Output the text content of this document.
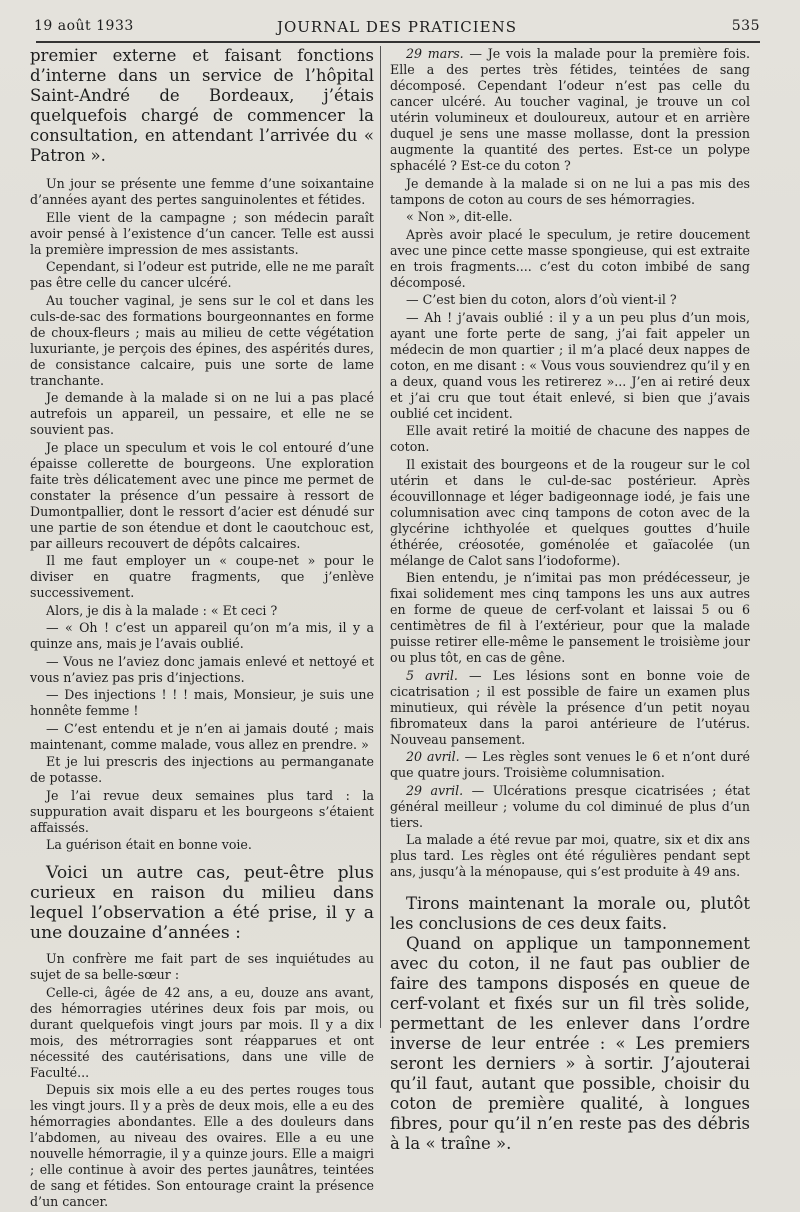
19 août 1933	JOURNAL DES PRATICIENS	535

premier externe et faisant fonctions d’interne dans un service de l’hôpital Saint-André de Bordeaux, j’étais quelquefois chargé de commencer la consultation, en attendant l’arrivée du « Patron ».

Un jour se présente une femme d’une soixantaine d’années ayant des pertes sanguinolentes et fétides.

Elle vient de la campagne ; son médecin paraît avoir pensé à l’existence d’un cancer. Telle est aussi la première impression de mes assistants.

Cependant, si l’odeur est putride, elle ne me paraît pas être celle du cancer ulcéré.

Au toucher vaginal, je sens sur le col et dans les culs-de-sac des formations bourgeonnantes en forme de choux-fleurs ; mais au milieu de cette végétation luxuriante, je perçois des épines, des aspérités dures, de consistance calcaire, puis une sorte de lame tranchante.

Je demande à la malade si on ne lui a pas placé autrefois un appareil, un pessaire, et elle ne se souvient pas.

Je place un speculum et vois le col entouré d’une épaisse collerette de bourgeons. Une exploration faite très délicatement avec une pince me permet de constater la présence d’un pessaire à ressort de Dumontpallier, dont le ressort d’acier est dénudé sur une partie de son étendue et dont le caoutchouc est, par ailleurs recouvert de dépôts calcaires.

Il me faut employer un « coupe-net » pour le diviser en quatre fragments, que j’enlève successivement.

Alors, je dis à la malade : « Et ceci ?

— « Oh ! c’est un appareil qu’on m’a mis, il y a quinze ans, mais je l’avais oublié.

— Vous ne l’aviez donc jamais enlevé et nettoyé et vous n’aviez pas pris d’injections.

— Des injections ! ! ! mais, Monsieur, je suis une honnête femme !

— C’est entendu et je n’en ai jamais douté ; mais maintenant, comme malade, vous allez en prendre. »

Et je lui prescris des injections au permanganate de potasse.

Je l’ai revue deux semaines plus tard : la suppuration avait disparu et les bourgeons s’étaient affaissés.

La guérison était en bonne voie.

Voici un autre cas, peut-être plus curieux en raison du milieu dans lequel l’observation a été prise, il y a une douzaine d’années :

Un confrère me fait part de ses inquiétudes au sujet de sa belle-sœur :

Celle-ci, âgée de 42 ans, a eu, douze ans avant, des hémorragies utérines deux fois par mois, ou durant quelquefois vingt jours par mois. Il y a dix mois, des métrorragies sont réapparues et ont nécessité des cautérisations, dans une ville de Faculté...

Depuis six mois elle a eu des pertes rouges tous les vingt jours. Il y a près de deux mois, elle a eu des hémorragies abondantes. Elle a des douleurs dans l’abdomen, au niveau des ovaires. Elle a eu une nouvelle hémorragie, il y a quinze jours. Elle a maigri ; elle continue à avoir des pertes jaunâtres, teintées de sang et fétides. Son entourage craint la présence d’un cancer.

29 mars. — Je vois la malade pour la première fois. Elle a des pertes très fétides, teintées de sang décomposé. Cependant l’odeur n’est pas celle du cancer ulcéré. Au toucher vaginal, je trouve un col utérin volumineux et douloureux, autour et en arrière duquel je sens une masse mollasse, dont la pression augmente la quantité des pertes. Est-ce un polype sphacélé ? Est-ce du coton ?

Je demande à la malade si on ne lui a pas mis des tampons de coton au cours de ses hémorragies.

« Non », dit-elle.

Après avoir placé le speculum, je retire doucement avec une pince cette masse spongieuse, qui est extraite en trois fragments.... c’est du coton imbibé de sang décomposé.

— C’est bien du coton, alors d’où vient-il ?

— Ah ! j’avais oublié : il y a un peu plus d’un mois, ayant une forte perte de sang, j’ai fait appeler un médecin de mon quartier ; il m’a placé deux nappes de coton, en me disant : « Vous vous souviendrez qu’il y en a deux, quand vous les retirerez »... J’en ai retiré deux et j’ai cru que tout était enlevé, si bien que j’avais oublié cet incident.

Elle avait retiré la moitié de chacune des nappes de coton.

Il existait des bourgeons et de la rougeur sur le col utérin et dans le cul-de-sac postérieur. Après écouvillonnage et léger badigeonnage iodé, je fais une columnisation avec cinq tampons de coton avec de la glycérine ichthyolée et quelques gouttes d’huile éthérée, créosotée, goménolée et gaïacolée (un mélange de Calot sans l’iodoforme).

Bien entendu, je n’imitai pas mon prédécesseur, je fixai solidement mes cinq tampons les uns aux autres en forme de queue de cerf-volant et laissai 5 ou 6 centimètres de fil à l’extérieur, pour que la malade puisse retirer elle-même le pansement le troisième jour ou plus tôt, en cas de gêne.

5 avril. — Les lésions sont en bonne voie de cicatrisation ; il est possible de faire un examen plus minutieux, qui révèle la présence d’un petit noyau fibromateux dans la paroi antérieure de l’utérus. Nouveau pansement.

20 avril. — Les règles sont venues le 6 et n’ont duré que quatre jours. Troisième columnisation.

29 avril. — Ulcérations presque cicatrisées ; état général meilleur ; volume du col diminué de plus d’un tiers.

La malade a été revue par moi, quatre, six et dix ans plus tard. Les règles ont été régulières pendant sept ans, jusqu’à la ménopause, qui s’est produite à 49 ans.

Tirons maintenant la morale ou, plutôt les conclusions de ces deux faits.

Quand on applique un tamponnement avec du coton, il ne faut pas oublier de faire des tampons disposés en queue de cerf-volant et fixés sur un fil très solide, permettant de les enlever dans l’ordre inverse de leur entrée : « Les premiers seront les derniers » à sortir. J’ajouterai qu’il faut, autant que possible, choisir du coton de première qualité, à longues fibres, pour qu’il n’en reste pas des débris à la « traîne ».
